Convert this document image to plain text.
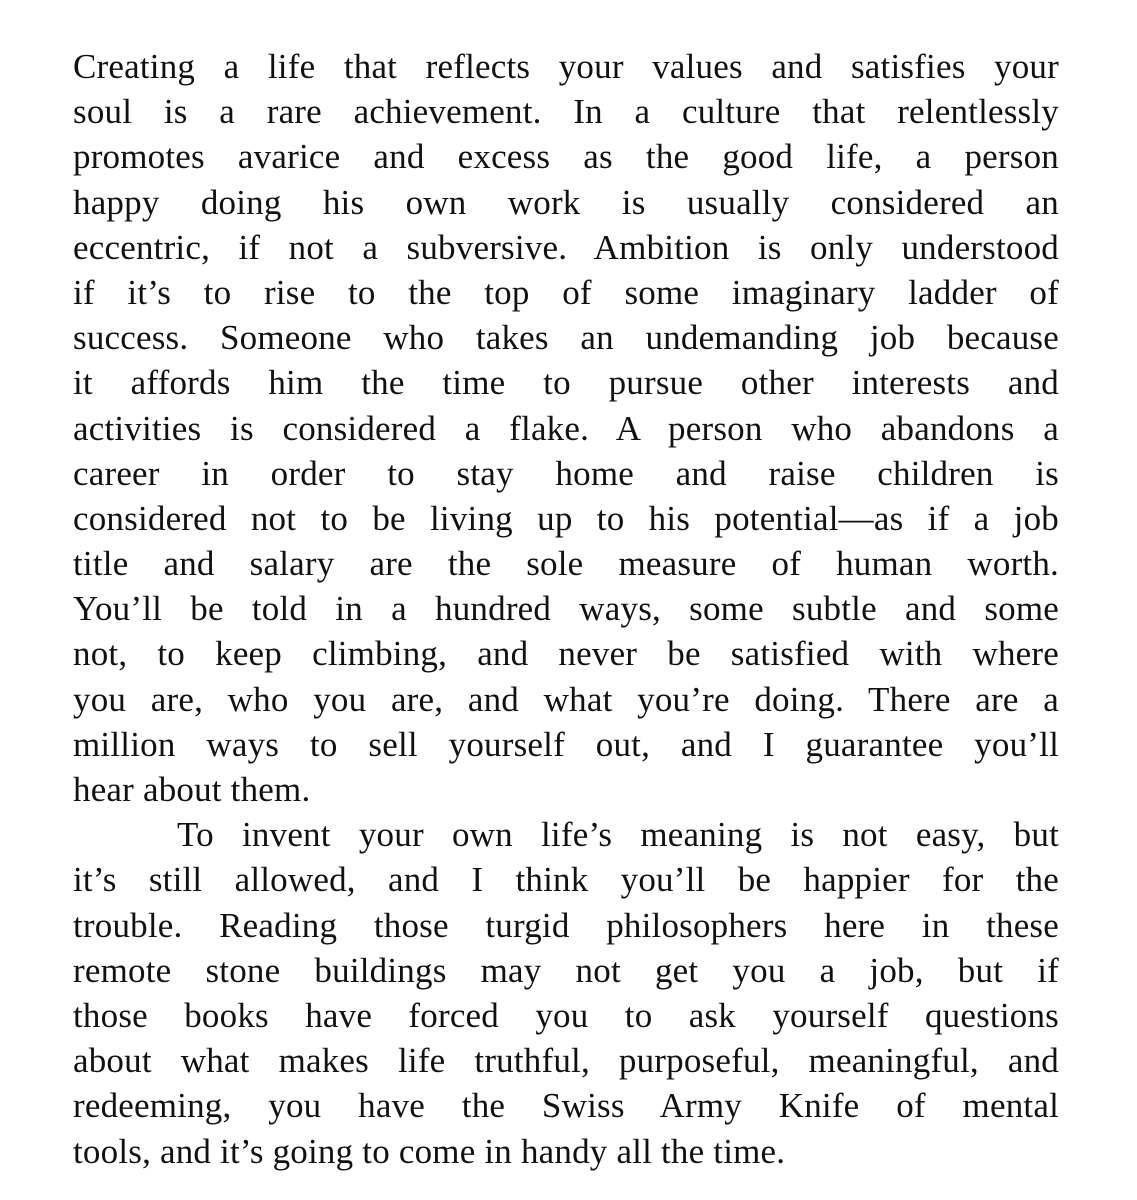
Creating a life that reflects your values and satisfies your
soul is a rare achievement. In a culture that relentlessly
promotes avarice and excess as the good life, a person
happy doing his own work is usually considered an
eccentric, if not a subversive. Ambition is only understood
if it’s to rise to the top of some imaginary ladder of
success. Someone who takes an undemanding job because
it affords him the time to pursue other interests and
activities is considered a flake. A person who abandons a
career in order to stay home and raise children is
considered not to be living up to his potential—as if a job
title and salary are the sole measure of human worth.
You’ll be told in a hundred ways, some subtle and some
not, to keep climbing, and never be satisfied with where
you are, who you are, and what you’re doing. There are a
million ways to sell yourself out, and I guarantee you’ll
hear about them.
To invent your own life’s meaning is not easy, but
it’s still allowed, and I think you’ll be happier for the
trouble. Reading those turgid philosophers here in these
remote stone buildings may not get you a job, but if
those books have forced you to ask yourself questions
about what makes life truthful, purposeful, meaningful, and
redeeming, you have the Swiss Army Knife of mental
tools, and it’s going to come in handy all the time.
